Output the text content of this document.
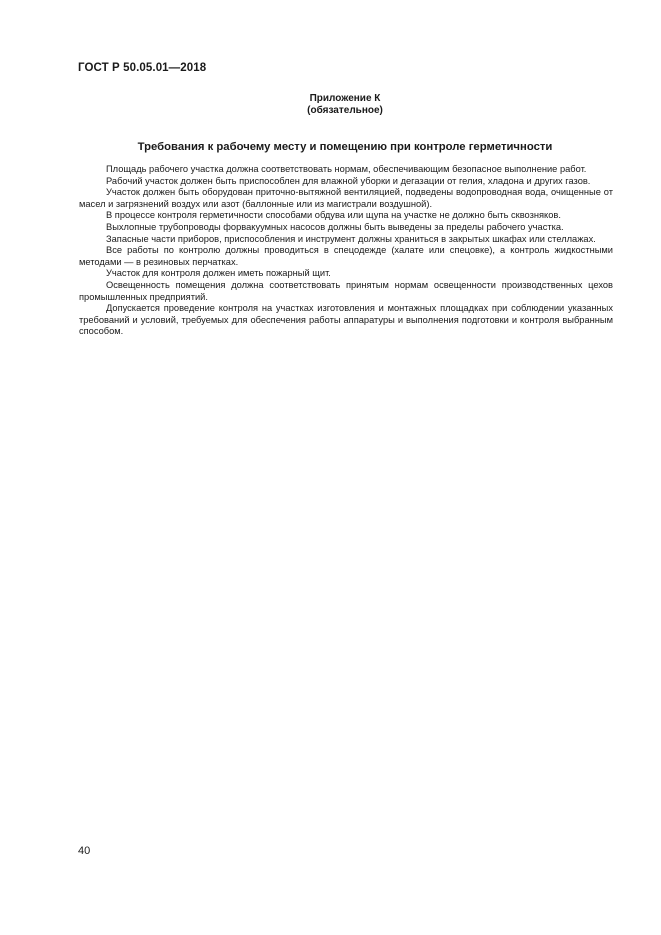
ГОСТ Р 50.05.01—2018
Приложение К
(обязательное)
Требования к рабочему месту и помещению при контроле герметичности

Площадь рабочего участка должна соответствовать нормам, обеспечивающим безопасное выполнение работ.

Рабочий участок должен быть приспособлен для влажной уборки и дегазации от гелия, хладона и других газов.

Участок должен быть оборудован приточно-вытяжной вентиляцией, подведены водопроводная вода, очищенные от масел и загрязнений воздух или азот (баллонные или из магистрали воздушной).

В процессе контроля герметичности способами обдува или щупа на участке не должно быть сквозняков.

Выхлопные трубопроводы форвакуумных насосов должны быть выведены за пределы рабочего участка.

Запасные части приборов, приспособления и инструмент должны храниться в закрытых шкафах или стеллажах.

Все работы по контролю должны проводиться в спецодежде (халате или спецовке), а контроль жидкостными методами — в резиновых перчатках.

Участок для контроля должен иметь пожарный щит.

Освещенность помещения должна соответствовать принятым нормам освещенности производственных цехов промышленных предприятий.

Допускается проведение контроля на участках изготовления и монтажных площадках при соблюдении указанных требований и условий, требуемых для обеспечения работы аппаратуры и выполнения подготовки и контроля выбранным способом.

40
